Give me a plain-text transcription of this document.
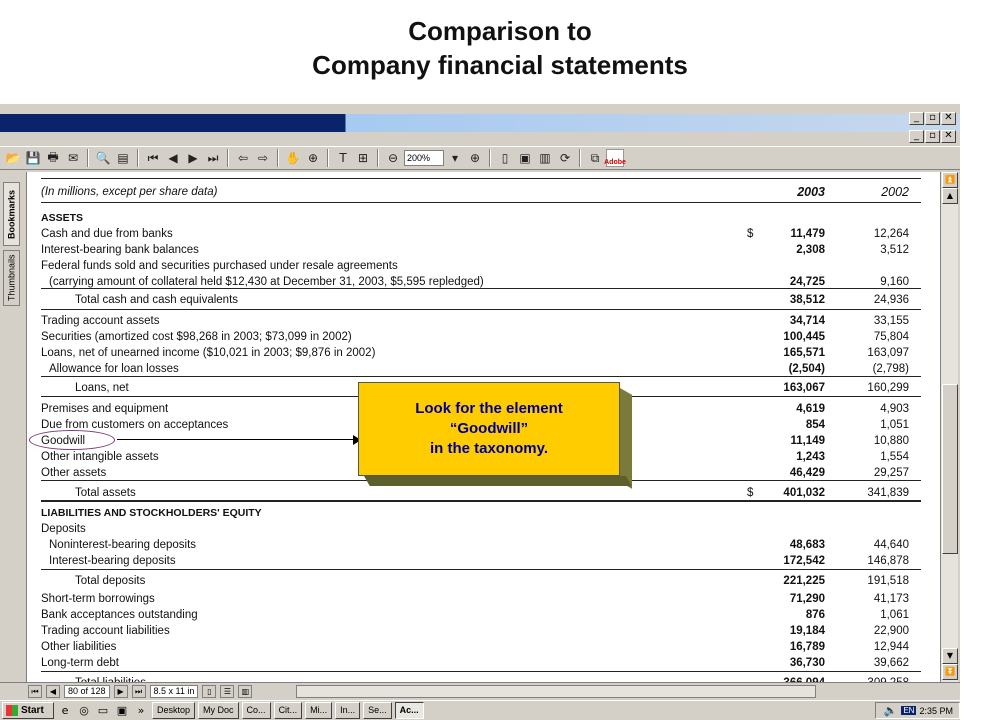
Comparison to
Company financial statements
_	▫ ✕
_	▫ ✕
📂 💾 🖶 ✉	🔍 ▤ ⏮ ◀ ▶ ⏭	⇦ ⇨	✋ ⊕	T ⊞	⊖ 200%	▾ ⊕	▯ ▣ ▥ ⟳	⧉ Adobe
Bookmarks
Thumbnails
(In millions, except per share data)	2003	2002
ASSETS
Cash and due from banks	$	11,479	12,264
Interest-bearing bank balances	2,308	3,512
Federal funds sold and securities purchased under resale agreements
(carrying amount of collateral held $12,430 at December 31, 2003, $5,595 repledged)	24,725	9,160
Total cash and cash equivalents	38,512	24,936
Trading account assets	34,714	33,155
Securities (amortized cost $98,268 in 2003; $73,099 in 2002)	100,445	75,804
Loans, net of unearned income ($10,021 in 2003; $9,876 in 2002)	165,571	163,097
Allowance for loan losses	(2,504)	(2,798)
Loans, net	163,067	160,299
Premises and equipment	4,619	4,903
Due from customers on acceptances	854	1,051
Goodwill	11,149	10,880
Other intangible assets	1,243	1,554
Other assets	46,429	29,257
Total assets	$	401,032	341,839
LIABILITIES AND STOCKHOLDERS' EQUITY
Deposits
Noninterest-bearing deposits	48,683	44,640
Interest-bearing deposits	172,542	146,878
Total deposits	221,225	191,518
Short-term borrowings	71,290	41,173
Bank acceptances outstanding	876	1,061
Trading account liabilities	19,184	22,900
Other liabilities	16,789	12,944
Long-term debt	36,730	39,662
⏫
▲
▼
⏬
⏮	◀	80 of 128	▶	⏭	8.5 x 11 in	▯	☰	▥
Look for the element
“Goodwill”
in the taxonomy.
Start	e ◎ ▭ ▣ »	Desktop	My Doc	Co...	Cit...	Mi...	In...	Se...	Ac...	🔈 EN 2:35 PM
